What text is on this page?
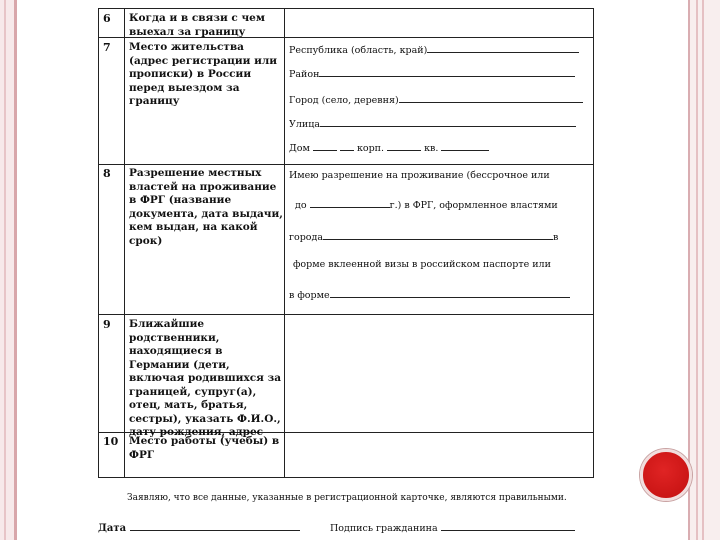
6 Когда и в связи с чем выехал за границу
7 Место жительства (адрес регистрации или прописки) в России перед выездом за границу
Республика (область, край)
Район
Город (село, деревня)
Улица
Дом	корп.	кв.
8 Разрешение местных властей на проживание в ФРГ (название документа, дата выдачи, кем выдан, на какой срок)
Имею разрешение на проживание (бессрочное или
до	г.) в ФРГ, оформленное властями
города	в
форме вклеенной визы в российском паспорте или
в форме
9 Ближайшие родственники, находящиеся в Германии (дети, включая родившихся за границей, супруг(а), отец, мать, братья, сестры), указать Ф.И.О., дату рождения, адрес
10 Место работы (учебы) в ФРГ
Заявляю, что все данные, указанные в регистрационной карточке, являются правильными.
Дата	Подпись гражданина
